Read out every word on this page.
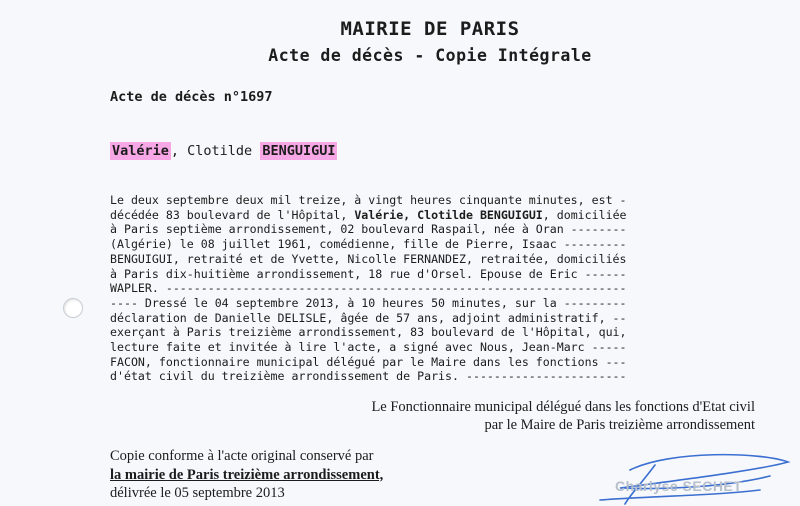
MAIRIE DE PARIS
Acte de décès - Copie Intégrale
Acte de décès n°1697
Valérie , Clotilde BENGUIGUI
Le deux septembre deux mil treize, à vingt heures cinquante minutes, est -
décédée 83 boulevard de l'Hôpital, Valérie, Clotilde BENGUIGUI, domiciliée
à Paris septième arrondissement, 02 boulevard Raspail, née à Oran --------
(Algérie) le 08 juillet 1961, comédienne, fille de Pierre, Isaac ---------
BENGUIGUI, retraité et de Yvette, Nicolle FERNANDEZ, retraitée, domiciliés
à Paris dix-huitième arrondissement, 18 rue d'Orsel. Epouse de Eric ------
WAPLER. ------------------------------------------------------------------
---- Dressé le 04 septembre 2013, à 10 heures 50 minutes, sur la ---------
déclaration de Danielle DELISLE, âgée de 57 ans, adjoint administratif, --
exerçant à Paris treizième arrondissement, 83 boulevard de l'Hôpital, qui,
lecture faite et invitée à lire l'acte, a signé avec Nous, Jean-Marc -----
FACON, fonctionnaire municipal délégué par le Maire dans les fonctions ---
d'état civil du treizième arrondissement de Paris. -----------------------
Le Fonctionnaire municipal délégué dans les fonctions d'Etat civil
par le Maire de Paris treizième arrondissement
Copie conforme à l'acte original conservé par
la mairie de Paris treizième arrondissement,
délivrée le 05 septembre 2013	Charlyse SECHET
